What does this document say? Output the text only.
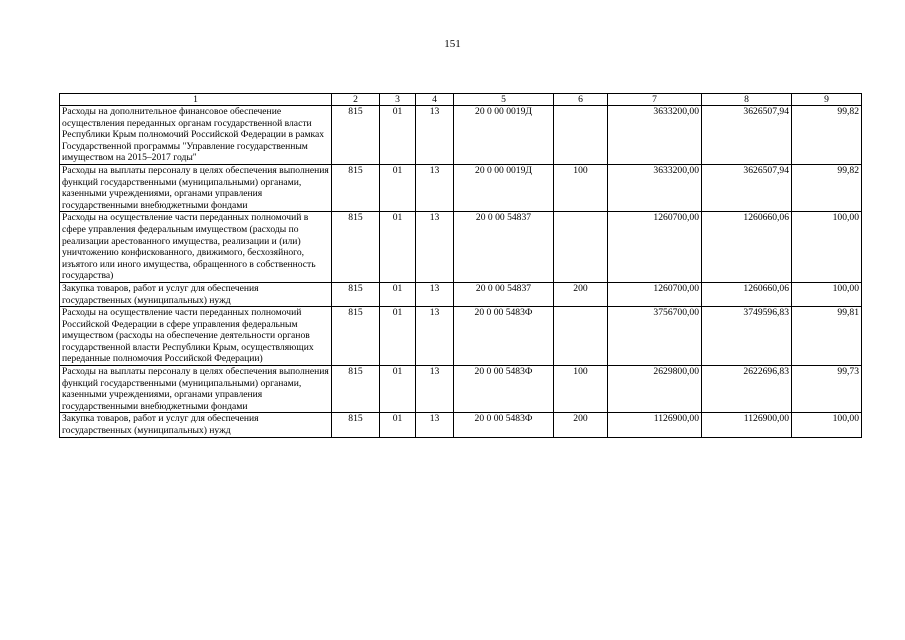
151
1	2	3	4	5	6	7	8	9
Расходы на дополнительное финансовое обеспечение осуществления переданных органам государственной власти Республики Крым полномочий Российской Федерации в рамках Государственной программы "Управление государственным имуществом на 2015–2017 годы"	815	01	13	20 0 00 0019Д		3633200,00	3626507,94	99,82
Расходы на выплаты персоналу в целях обеспечения выполнения функций государственными (муниципальными) органами, казенными учреждениями, органами управления государственными внебюджетными фондами	815	01	13	20 0 00 0019Д	100	3633200,00	3626507,94	99,82
Расходы на осуществление части переданных полномочий в сфере управления федеральным имуществом (расходы по реализации арестованного имущества, реализации и (или) уничтожению конфискованного, движимого, бесхозяйного, изъятого или иного имущества, обращенного в собственность государства)	815	01	13	20 0 00 54837		1260700,00	1260660,06	100,00
Закупка товаров, работ и услуг для обеспечения государственных (муниципальных) нужд	815	01	13	20 0 00 54837	200	1260700,00	1260660,06	100,00
Расходы на осуществление части переданных полномочий Российской Федерации в сфере управления федеральным имуществом (расходы на обеспечение деятельности органов государственной власти Республики Крым, осуществляющих переданные полномочия Российской Федерации)	815	01	13	20 0 00 5483Ф		3756700,00	3749596,83	99,81
Расходы на выплаты персоналу в целях обеспечения выполнения функций государственными (муниципальными) органами, казенными учреждениями, органами управления государственными внебюджетными фондами	815	01	13	20 0 00 5483Ф	100	2629800,00	2622696,83	99,73
Закупка товаров, работ и услуг для обеспечения государственных (муниципальных) нужд	815	01	13	20 0 00 5483Ф	200	1126900,00	1126900,00	100,00
